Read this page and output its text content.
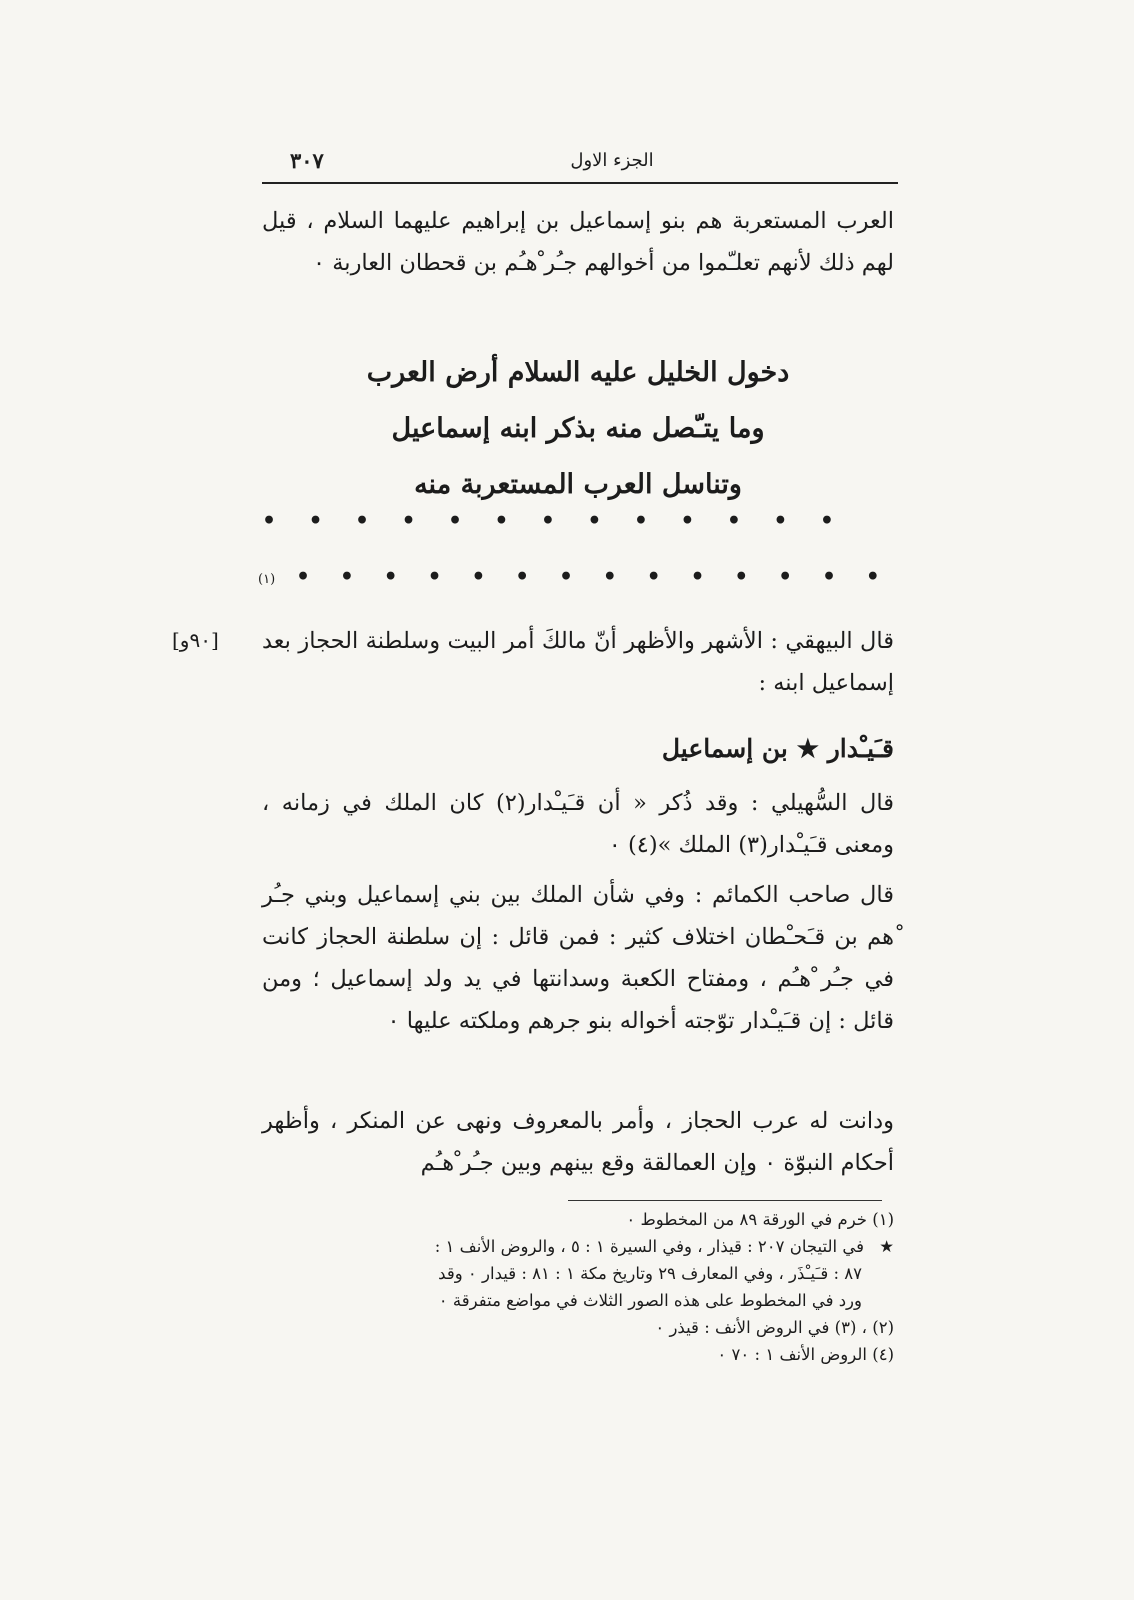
٣٠٧	الجزء الاول

العرب المستعربة هم بنو إسماعيل بن إبراهيم عليهما السلام ، قيل لهم ذلك لأنهم تعلـّموا من أخوالهم جـُر ْهـُم بن قحطان العاربة ٠

دخول الخليل عليه السلام أرض العرب

وما يتـّصل منه بذكر ابنه إسماعيل

وتناسل العرب المستعربة منه

• • • • • • • • • • • • •
(١) • • • • • • • • • • • • • •
[٩٠و] قال البيهقي : الأشهر والأظهر أنّ مالكَ أمر البيت وسلطنة الحجاز بعد إسماعيل ابنه :

قـَيـْدار ★ بن إسماعيل

قال السُّهيلي : وقد ذُكر « أن قـَيـْدار(٢) كان الملك في زمانه ، ومعنى قـَيـْدار(٣) الملك »(٤) ٠

قال صاحب الكمائم : وفي شأن الملك بين بني إسماعيل وبني جـُر ْهم بن قـَحـْطان اختلاف كثير : فمن قائل : إن سلطنة الحجاز كانت في جـُر ْهـُم ، ومفتاح الكعبة وسدانتها في يد ولد إسماعيل ؛ ومن قائل : إن قـَيـْدار توّجته أخواله بنو جرهم وملكته عليها ٠

ودانت له عرب الحجاز ، وأمر بالمعروف ونهى عن المنكر ، وأظهر أحكام النبوّة ٠ وإن العمالقة وقع بينهم وبين جـُر ْهـُم

(١) خرم في الورقة ٨٩ من المخطوط ٠

★في التيجان ٢٠٧ : قيذار ، وفي السيرة ١ : ٥ ، والروض الأنف ١ :

٨٧ : قـَيـْذَر ، وفي المعارف ٢٩ وتاريخ مكة ١ : ٨١ : قيدار ٠ وقد

ورد في المخطوط على هذه الصور الثلاث في مواضع متفرقة ٠

(٢) ، (٣) في الروض الأنف : قيذر ٠

(٤) الروض الأنف ١ : ٧٠ ٠
